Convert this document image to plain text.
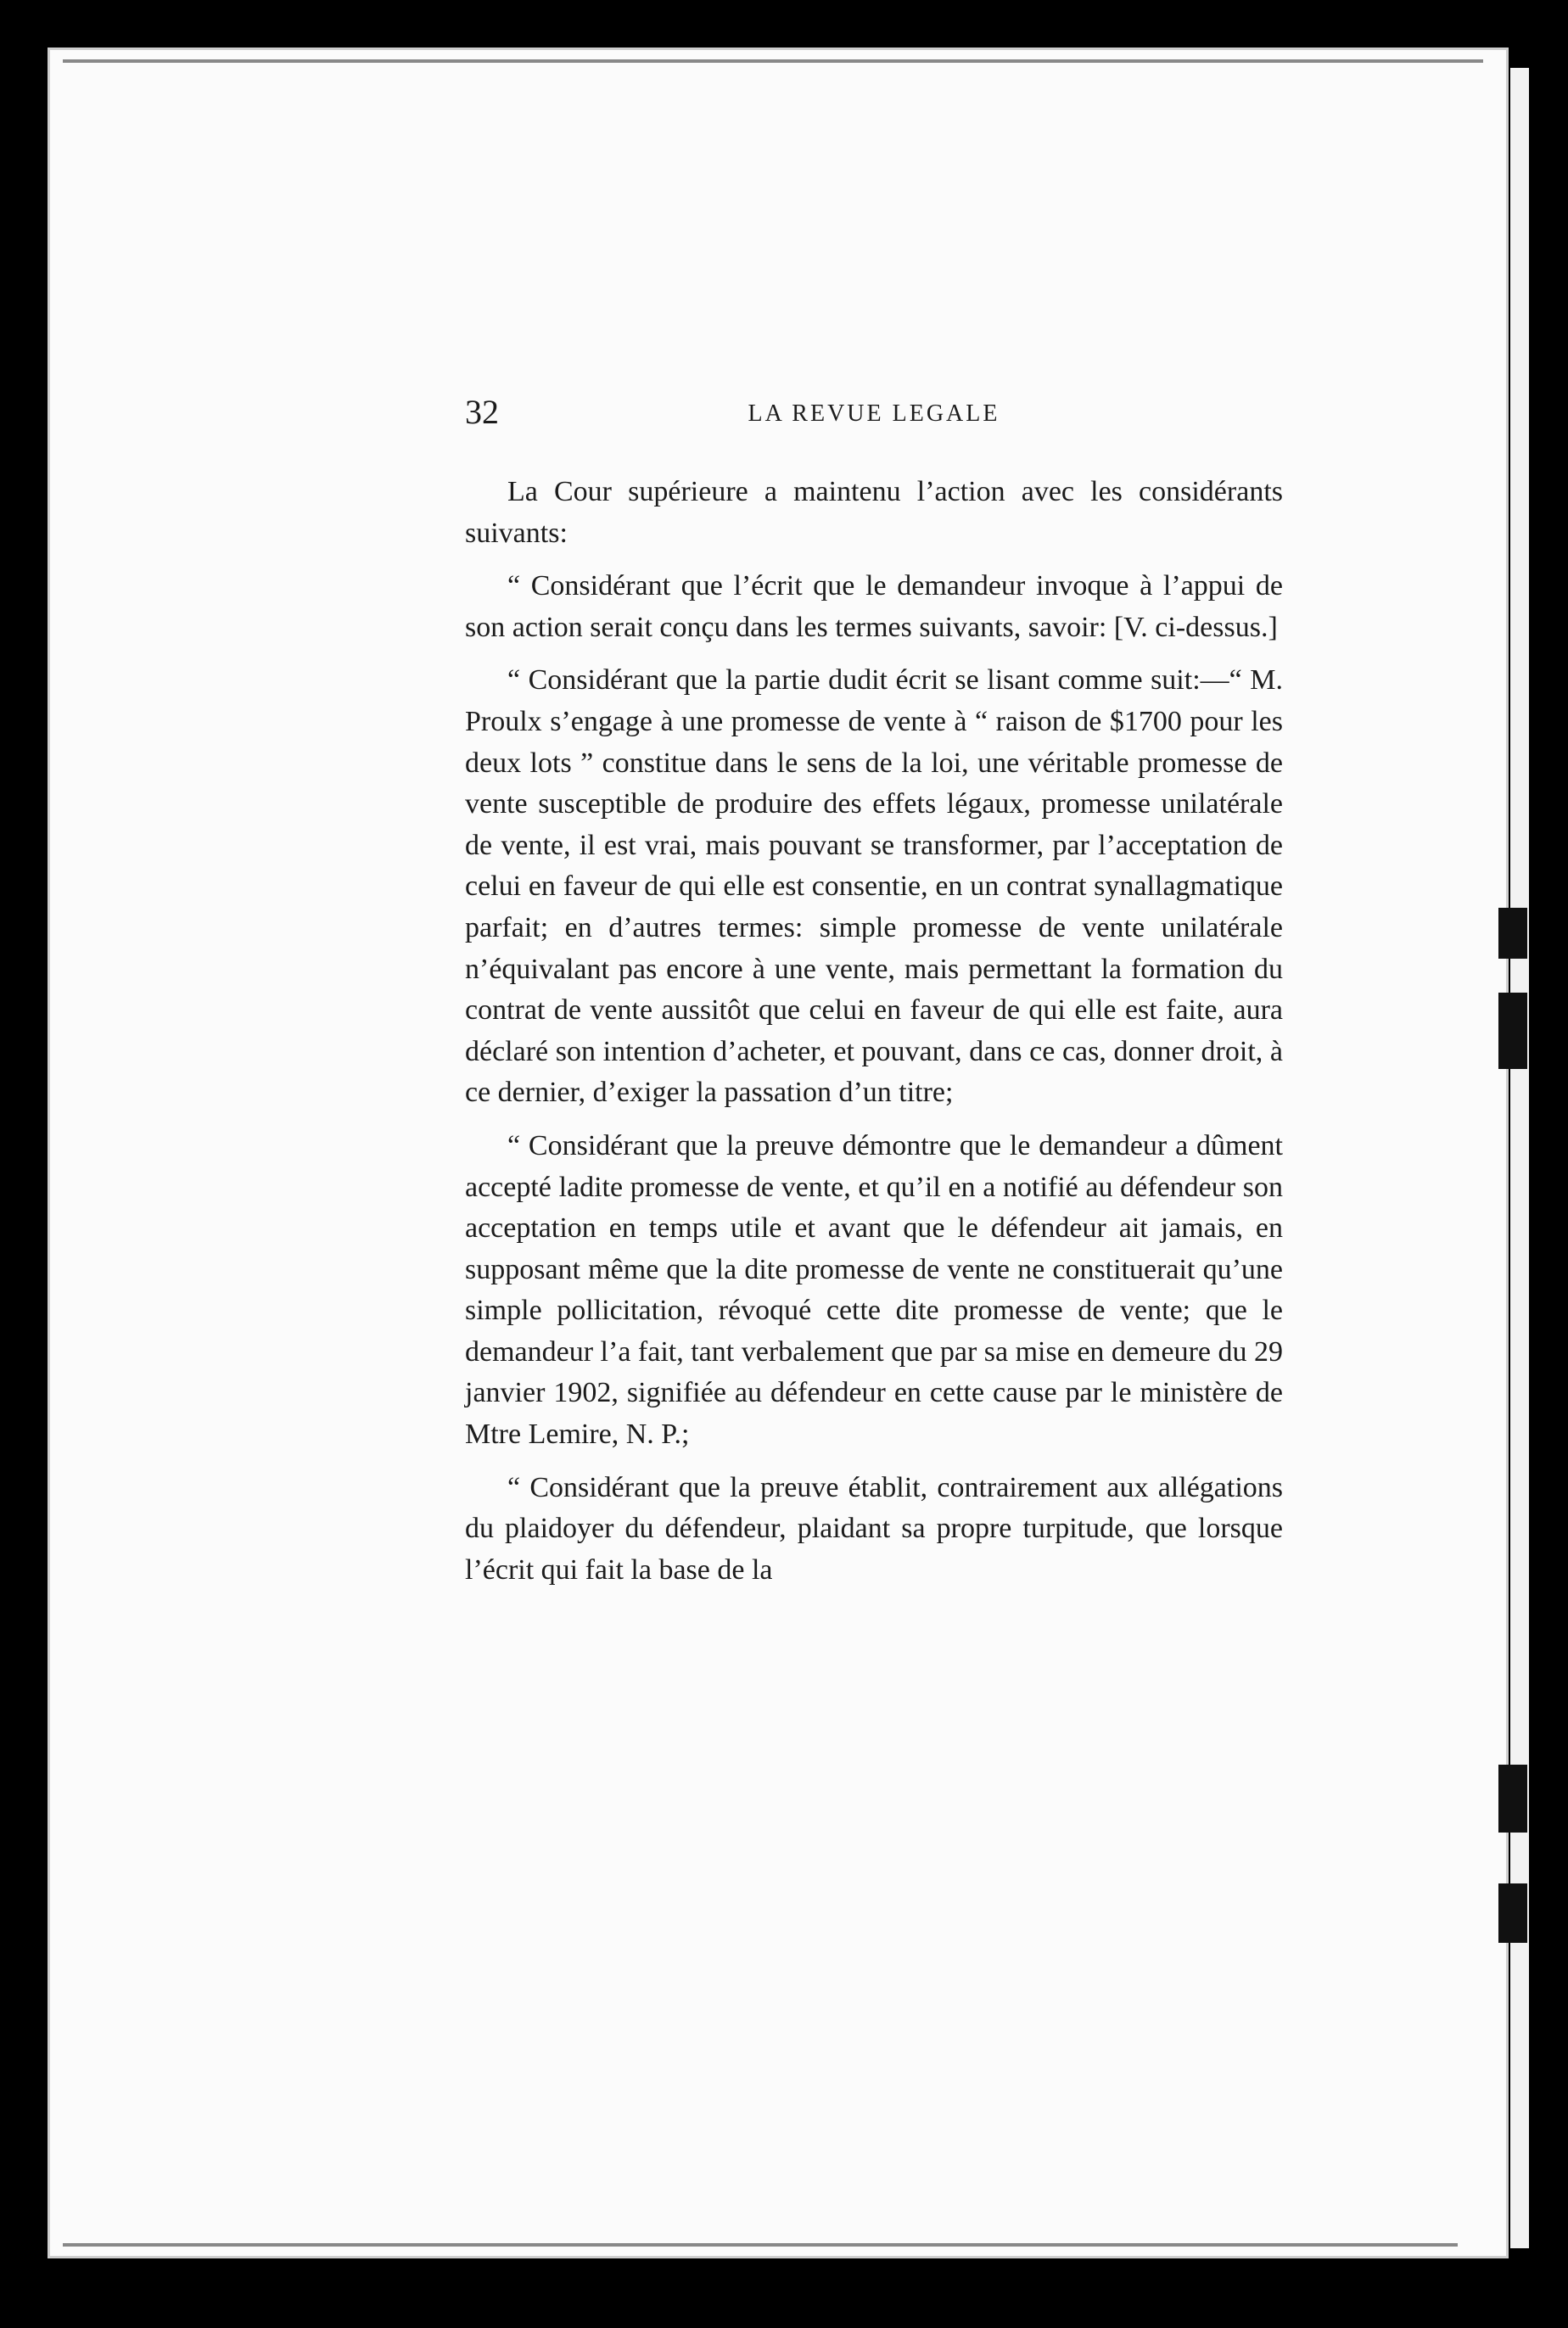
32	LA REVUE LEGALE

La Cour supérieure a maintenu l’action avec les considérants suivants:

“ Considérant que l’écrit que le demandeur invoque à l’appui de son action serait conçu dans les termes suivants, savoir: [V. ci-dessus.]

“ Considérant que la partie dudit écrit se lisant comme suit:—“ M. Proulx s’engage à une promesse de vente à “ raison de $1700 pour les deux lots ” constitue dans le sens de la loi, une véritable promesse de vente susceptible de produire des effets légaux, promesse unilatérale de vente, il est vrai, mais pouvant se transformer, par l’acceptation de celui en faveur de qui elle est consentie, en un contrat synallagmatique parfait; en d’autres termes: simple promesse de vente unilatérale n’équivalant pas encore à une vente, mais permettant la formation du contrat de vente aussitôt que celui en faveur de qui elle est faite, aura déclaré son intention d’acheter, et pouvant, dans ce cas, donner droit, à ce dernier, d’exiger la passation d’un titre;

“ Considérant que la preuve démontre que le demandeur a dûment accepté ladite promesse de vente, et qu’il en a notifié au défendeur son acceptation en temps utile et avant que le défendeur ait jamais, en supposant même que la dite promesse de vente ne constituerait qu’une simple pollicitation, révoqué cette dite promesse de vente; que le demandeur l’a fait, tant verbalement que par sa mise en demeure du 29 janvier 1902, signifiée au défendeur en cette cause par le ministère de Mtre Lemire, N. P.;

“ Considérant que la preuve établit, contrairement aux allégations du plaidoyer du défendeur, plaidant sa propre turpitude, que lorsque l’écrit qui fait la base de la
